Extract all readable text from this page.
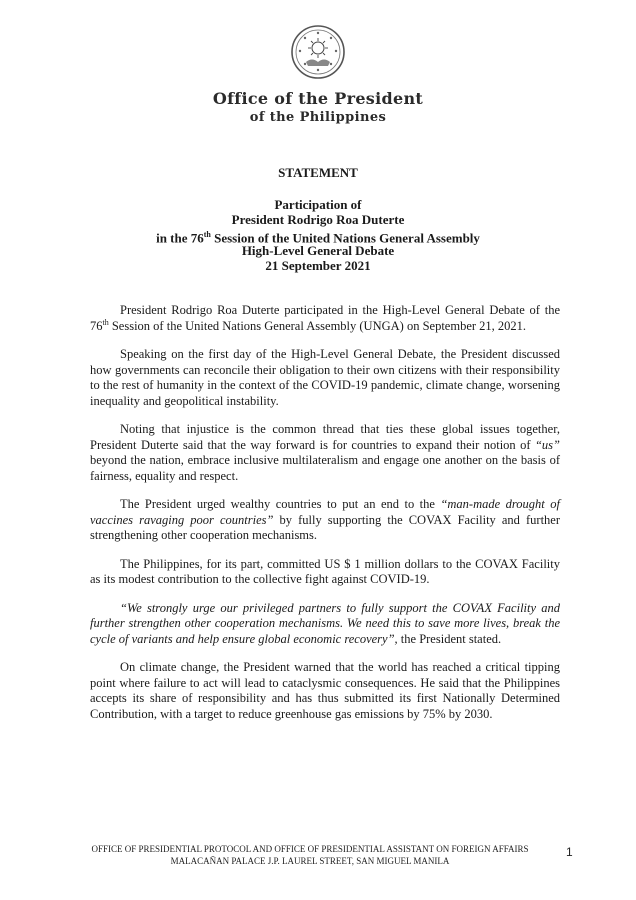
Office of the President
of the Philippines
STATEMENT
Participation of
President Rodrigo Roa Duterte
in the 76th Session of the United Nations General Assembly
High-Level General Debate
21 September 2021

President Rodrigo Roa Duterte participated in the High-Level General Debate of the 76th Session of the United Nations General Assembly (UNGA) on September 21, 2021.

Speaking on the first day of the High-Level General Debate, the President discussed how governments can reconcile their obligation to their own citizens with their responsibility to the rest of humanity in the context of the COVID-19 pandemic, climate change, worsening inequality and geopolitical instability.

Noting that injustice is the common thread that ties these global issues together, President Duterte said that the way forward is for countries to expand their notion of “us” beyond the nation, embrace inclusive multilateralism and engage one another on the basis of fairness, equality and respect.

The President urged wealthy countries to put an end to the “man-made drought of vaccines ravaging poor countries” by fully supporting the COVAX Facility and further strengthening other cooperation mechanisms.

The Philippines, for its part, committed US $ 1 million dollars to the COVAX Facility as its modest contribution to the collective fight against COVID-19.

“We strongly urge our privileged partners to fully support the COVAX Facility and further strengthen other cooperation mechanisms. We need this to save more lives, break the cycle of variants and help ensure global economic recovery”, the President stated.

On climate change, the President warned that the world has reached a critical tipping point where failure to act will lead to cataclysmic consequences. He said that the Philippines accepts its share of responsibility and has thus submitted its first Nationally Determined Contribution, with a target to reduce greenhouse gas emissions by 75% by 2030.

OFFICE OF PRESIDENTIAL PROTOCOL AND OFFICE OF PRESIDENTIAL ASSISTANT ON FOREIGN AFFAIRS
MALACAÑAN PALACE J.P. LAUREL STREET, SAN MIGUEL MANILA
1
